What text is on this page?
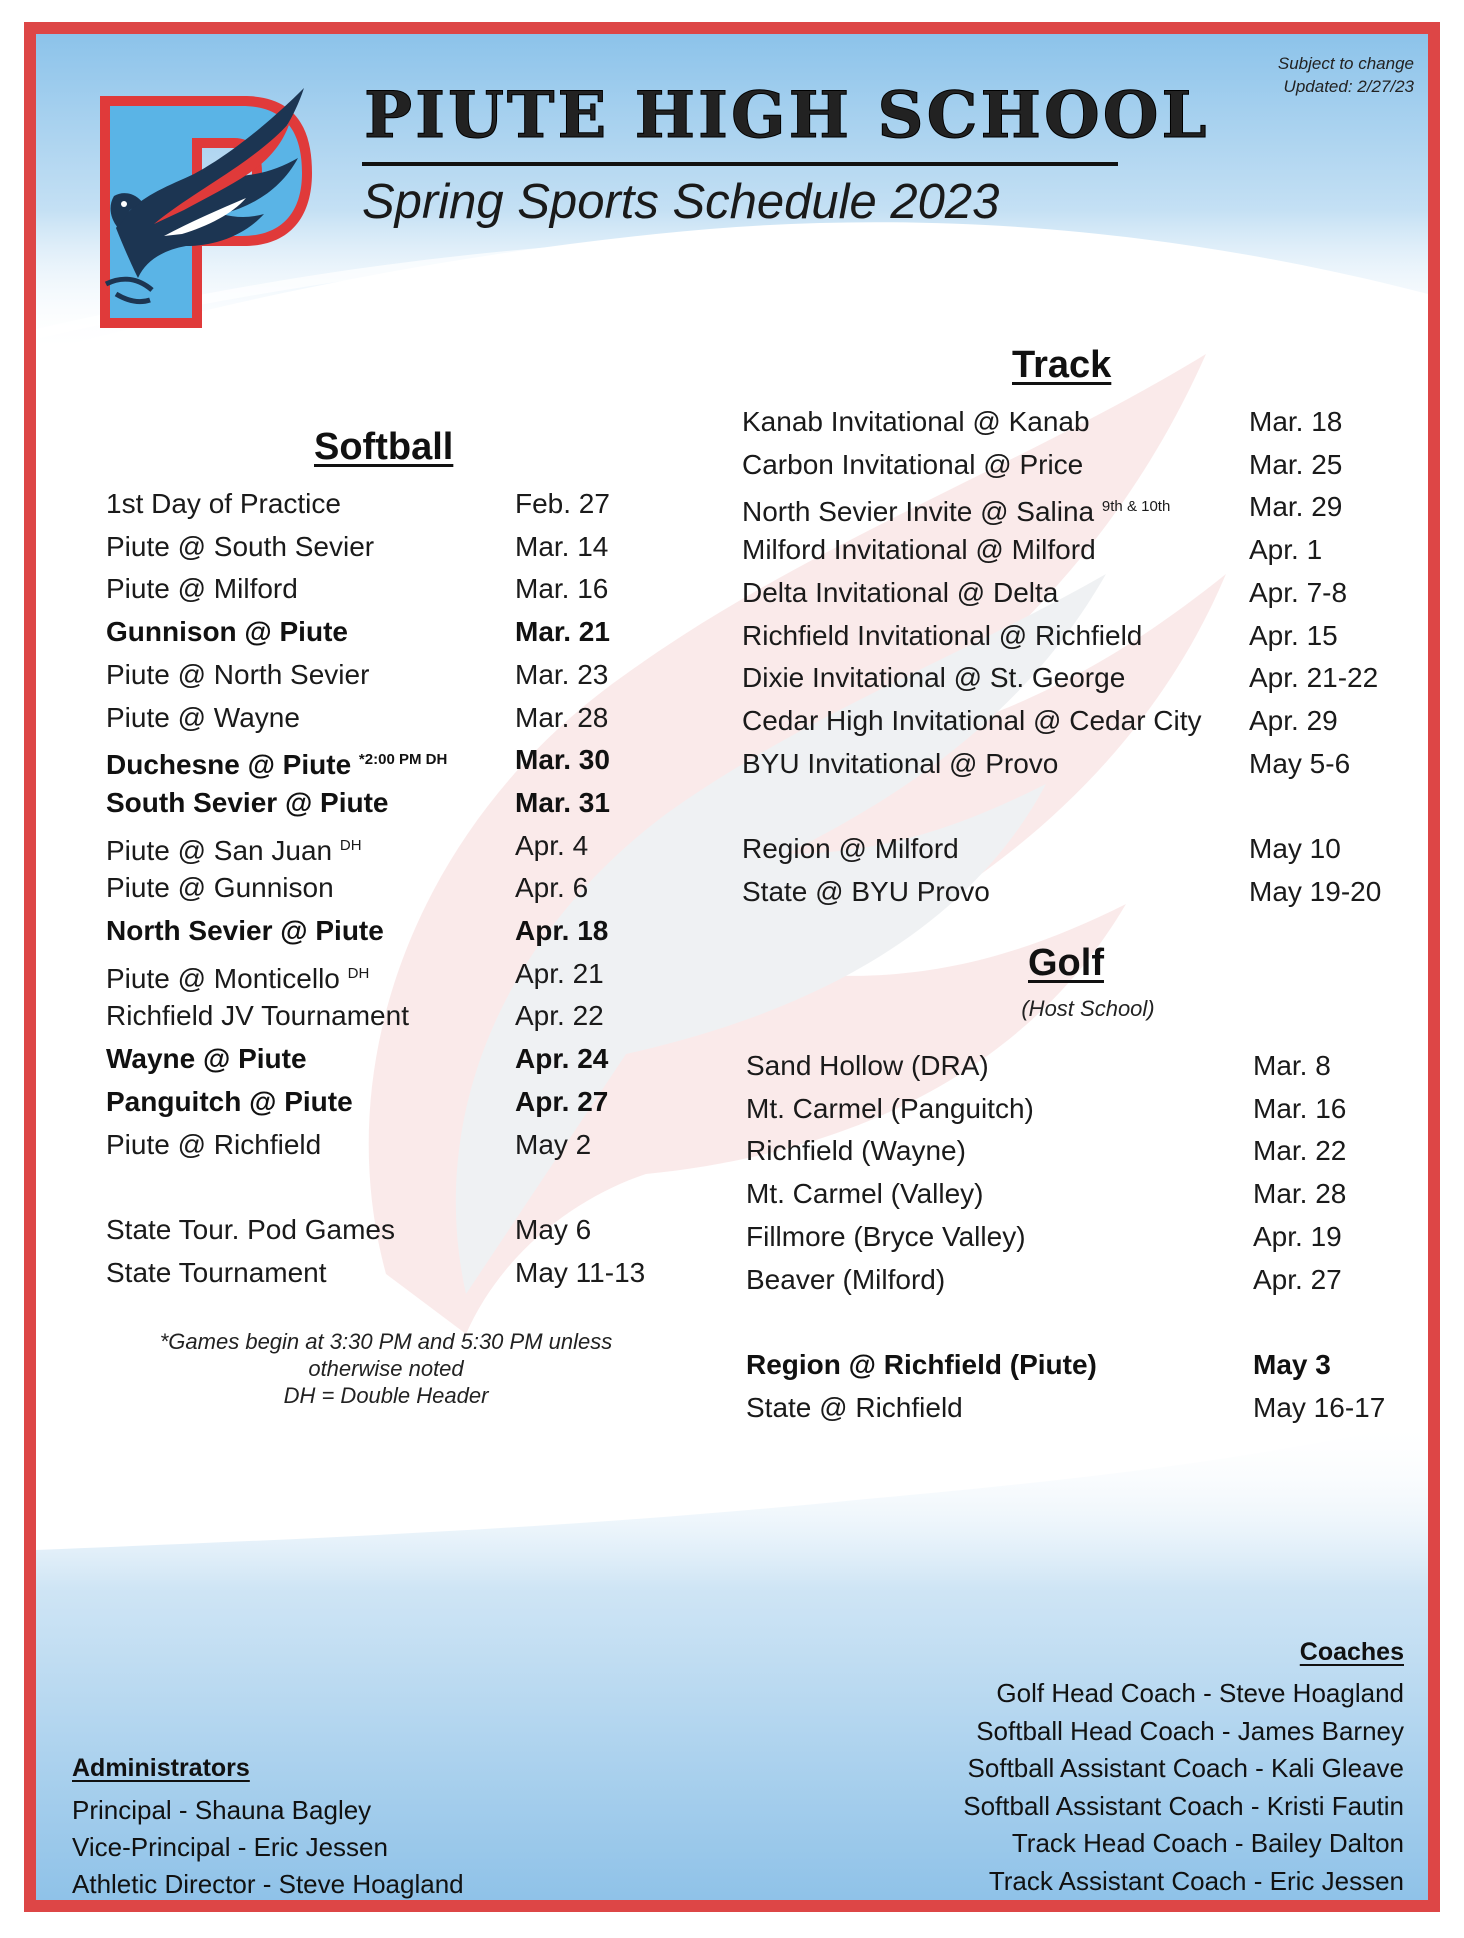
PIUTE HIGH SCHOOL
Spring Sports Schedule 2023
Subject to change
Updated: 2/27/23
Softball
1st Day of Practice	Feb. 27
Piute @ South Sevier	Mar. 14
Piute @ Milford	Mar. 16
Gunnison @ Piute	Mar. 21
Piute @ North Sevier	Mar. 23
Piute @ Wayne	Mar. 28
Duchesne @ Piute $^{*2:00 PM DH}$ Mar. 30
South Sevier @ Piute	Mar. 31
Piute @ San Juan $^{DH}$	Apr. 4
Piute @ Gunnison	Apr. 6
North Sevier @ Piute	Apr. 18
Piute @ Monticello $^{DH}$	Apr. 21
Richfield JV Tournament	Apr. 22
Wayne @ Piute	Apr. 24
Panguitch @ Piute	Apr. 27
Piute @ Richfield	May 2
State Tour. Pod Games	May 6
State Tournament	May 11-13
*Games begin at 3:30 PM and 5:30 PM unless otherwise noted
DH = Double Header
Track
Kanab Invitational @ Kanab	Mar. 18
Carbon Invitational @ Price	Mar. 25
North Sevier Invite @ Salina $^{9th \& 10th}$	Mar. 29
Milford Invitational @ Milford	Apr. 1
Delta Invitational @ Delta	Apr. 7-8
Richfield Invitational @ Richfield	Apr. 15
Dixie Invitational @ St. George	Apr. 21-22
Cedar High Invitational @ Cedar City Apr. 29
BYU Invitational @ Provo	May 5-6
Region @ Milford	May 10
State @ BYU Provo	May 19-20
Golf
(Host School)
Sand Hollow (DRA)	Mar. 8
Mt. Carmel (Panguitch)	Mar. 16
Richfield (Wayne)	Mar. 22
Mt. Carmel (Valley)	Mar. 28
Fillmore (Bryce Valley)	Apr. 19
Beaver (Milford)	Apr. 27
Region @ Richfield (Piute)	May 3
State @ Richfield	May 16-17
Administrators
Principal - Shauna Bagley
Vice-Principal - Eric Jessen
Athletic Director - Steve Hoagland
Coaches
Golf Head Coach - Steve Hoagland
Softball Head Coach - James Barney
Softball Assistant Coach - Kali Gleave
Softball Assistant Coach - Kristi Fautin
Track Head Coach - Bailey Dalton
Track Assistant Coach - Eric Jessen
